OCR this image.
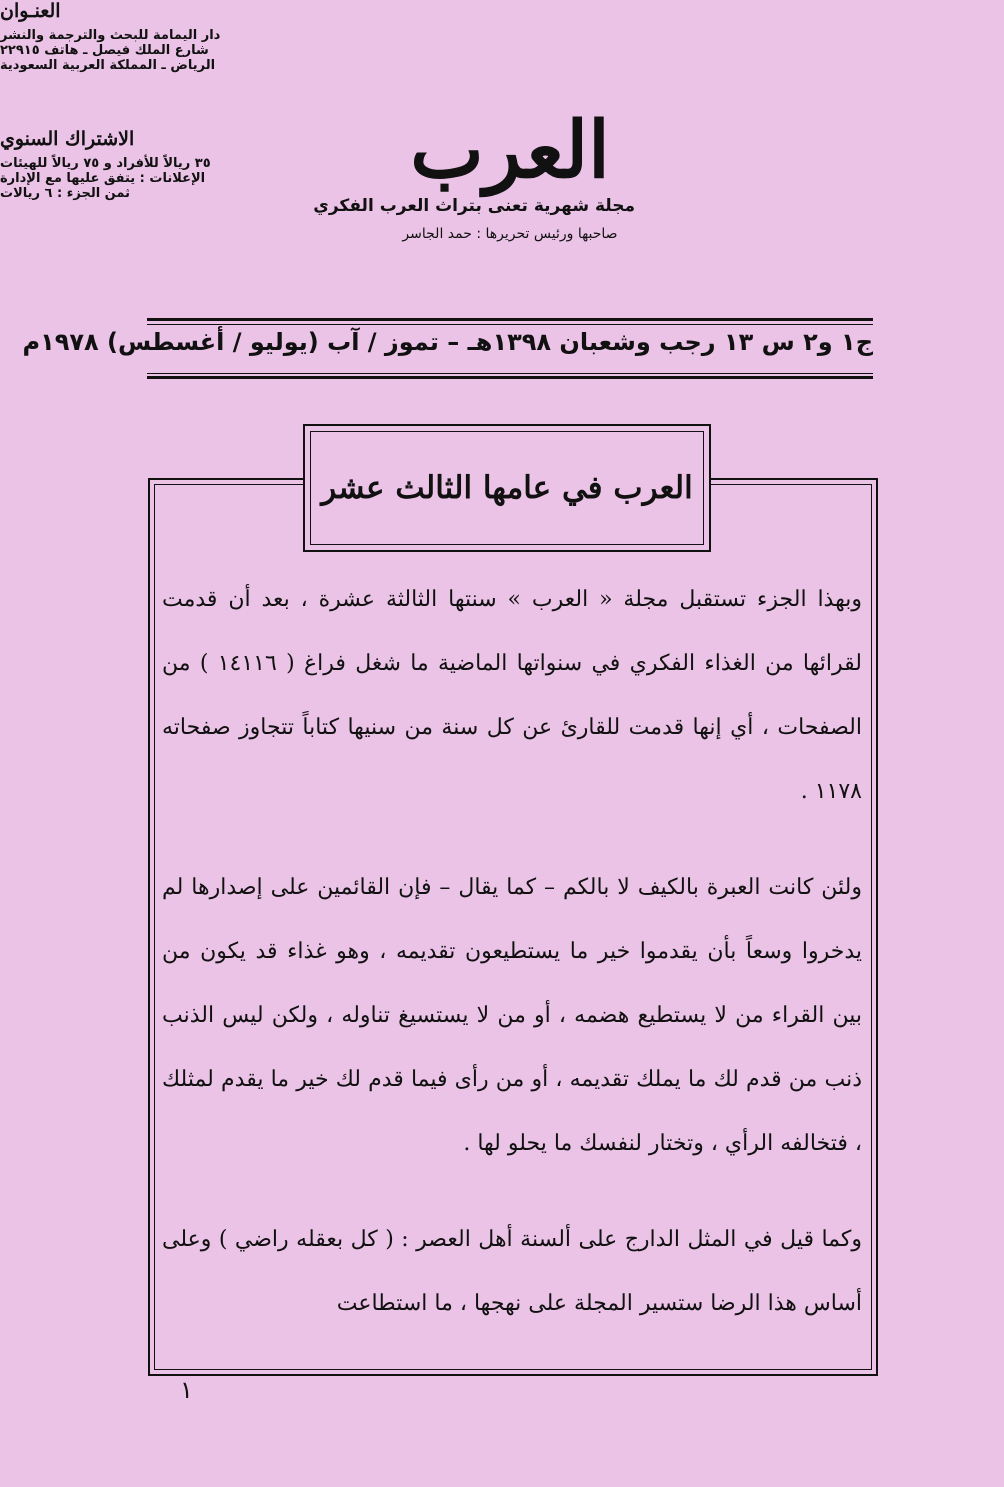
العنـوان
دار اليمامة للبحث والترجمة والنشر
شارع الملك فيصل ـ هاتف ٢٢٩١٥
الرياض ـ المملكة العربية السعودية
الاشتراك السنوي
٣٥ ريالاً للأفراد و ٧٥ ريالاً للهيئات
الإعلانات : يتفق عليها مع الإدارة
ثمن الجزء : ٦ ريالات	العرب
مجلة شهرية تعنى بتراث العرب الفكري
صاحبها ورئيس تحريرها : حمد الجاسر
ج١ و٢ س ١٣ رجب وشعبان ١٣٩٨هـ – تموز / آب (يوليو / أغسطس) ١٩٧٨م
العرب في عامها الثالث عشر

وبهذا الجزء تستقبل مجلة « العرب » سنتها الثالثة عشرة ، بعد أن قدمت لقرائها من الغذاء الفكري في سنواتها الماضية ما شغل فراغ ( ١٤١١٦ ) من الصفحات ، أي إنها قدمت للقارئ عن كل سنة من سنيها كتاباً تتجاوز صفحاته ١١٧٨ .

ولئن كانت العبرة بالكيف لا بالكم – كما يقال – فإن القائمين على إصدارها لم يدخروا وسعاً بأن يقدموا خير ما يستطيعون تقديمه ، وهو غذاء قد يكون من بين القراء من لا يستطيع هضمه ، أو من لا يستسيغ تناوله ، ولكن ليس الذنب ذنب من قدم لك ما يملك تقديمه ، أو من رأى فيما قدم لك خير ما يقدم لمثلك ، فتخالفه الرأي ، وتختار لنفسك ما يحلو لها .

وكما قيل في المثل الدارج على ألسنة أهل العصر : ( كل بعقله راضي ) وعلى أساس هذا الرضا ستسير المجلة على نهجها ، ما استطاعت

١
